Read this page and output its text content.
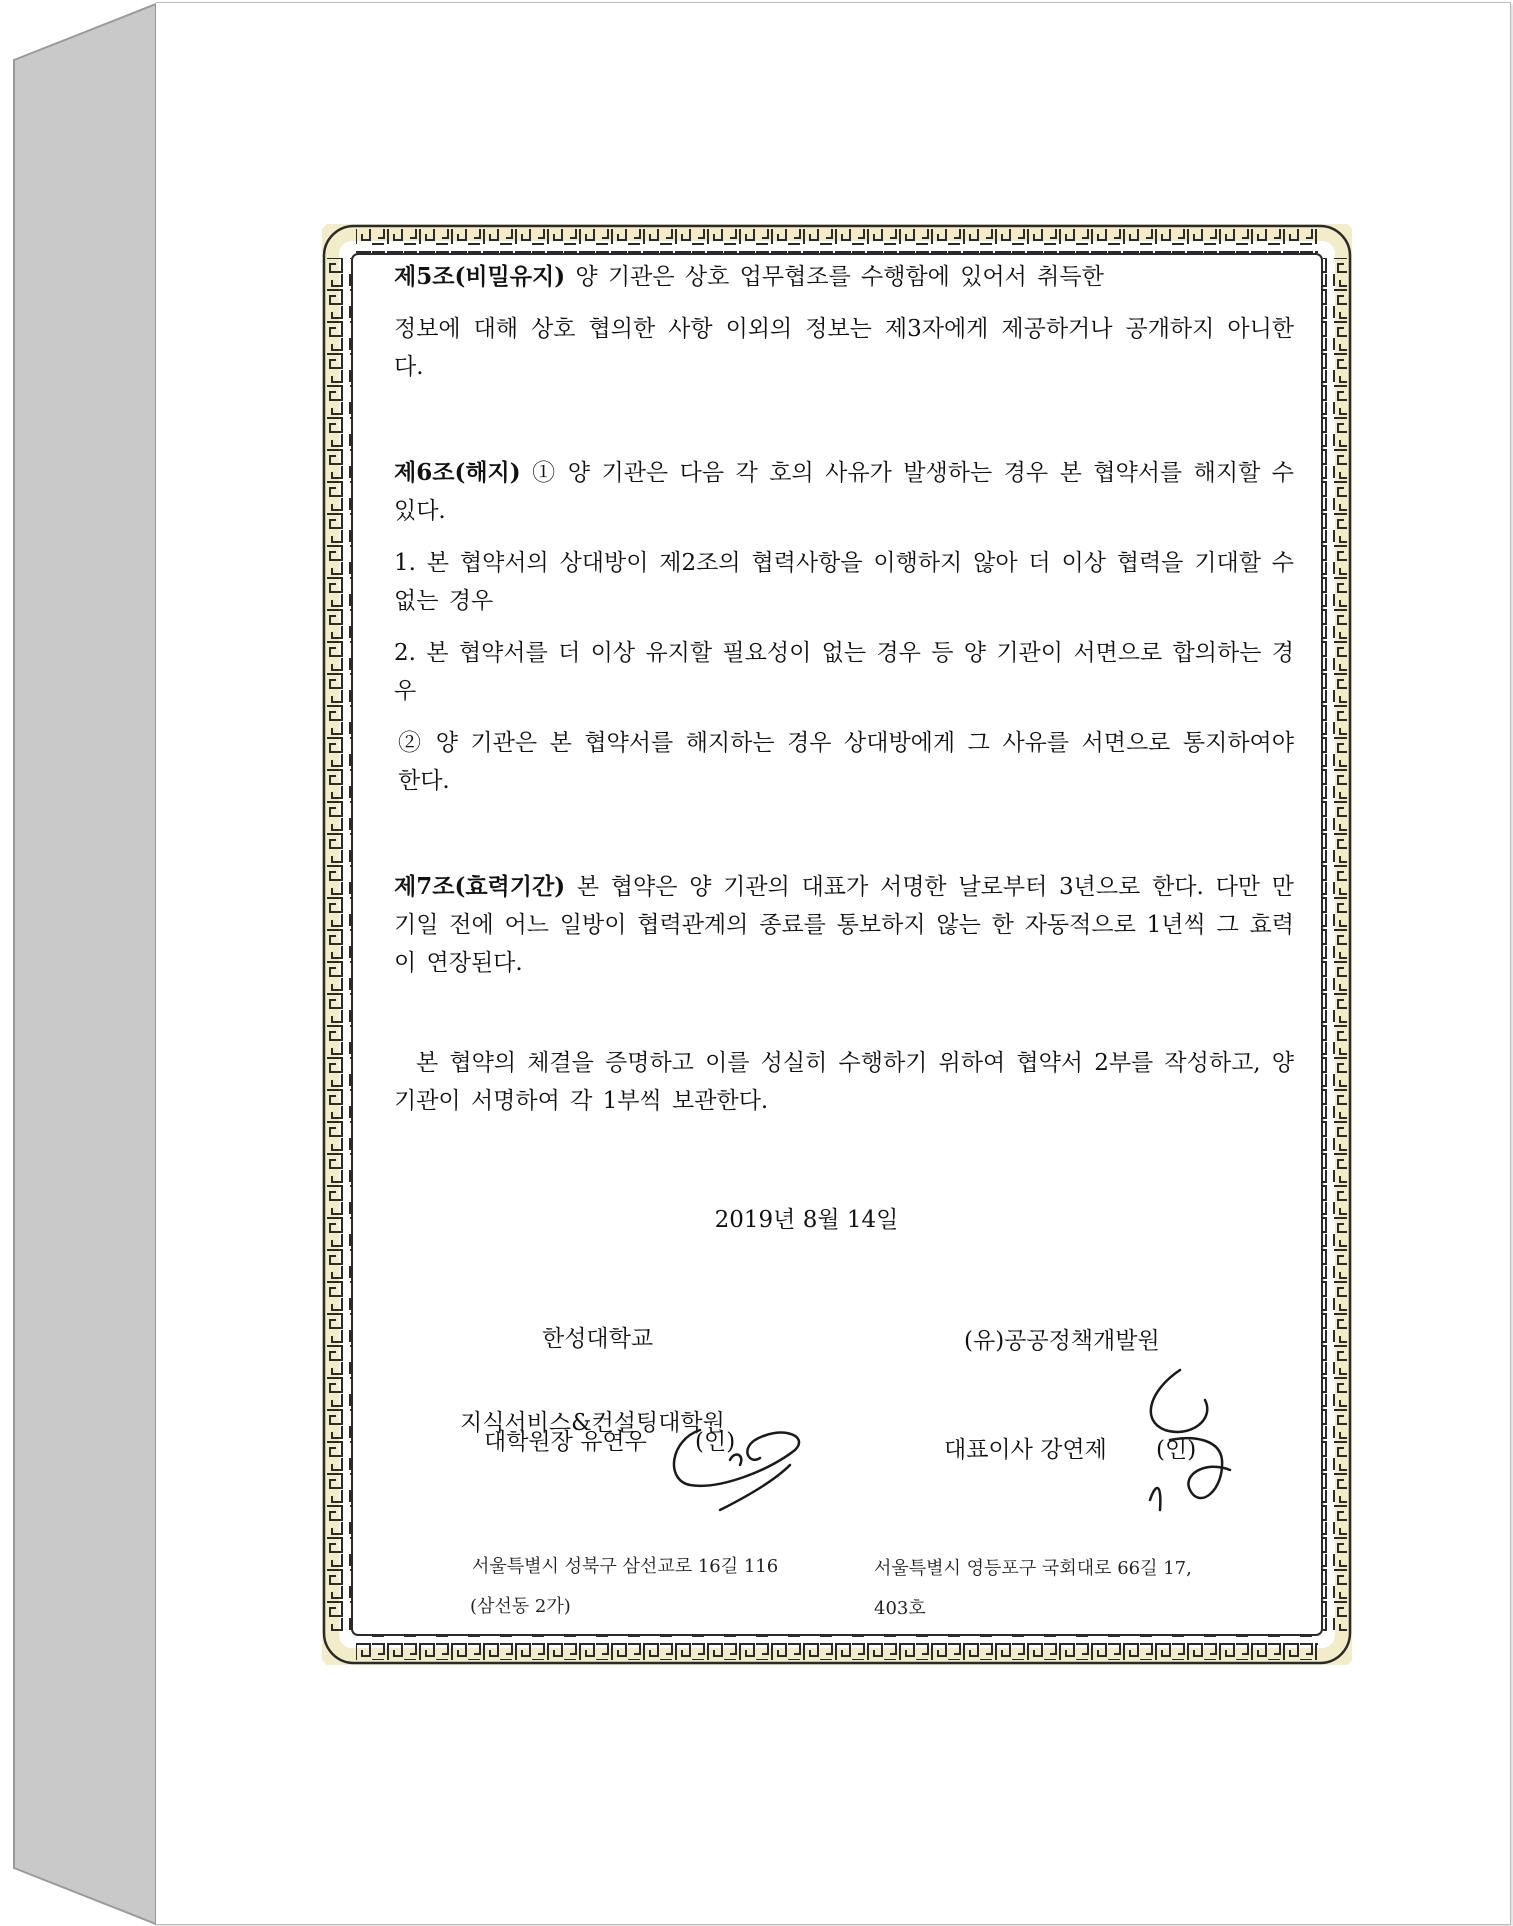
제5조(비밀유지) 양 기관은 상호 업무협조를 수행함에 있어서 취득한
정보에 대해 상호 협의한 사항 이외의 정보는 제3자에게 제공하거나 공개하지 아니한다.
제6조(해지) ① 양 기관은 다음 각 호의 사유가 발생하는 경우 본 협약서를 해지할 수 있다.
1. 본 협약서의 상대방이 제2조의 협력사항을 이행하지 않아 더 이상 협력을 기대할 수 없는 경우
2. 본 협약서를 더 이상 유지할 필요성이 없는 경우 등 양 기관이 서면으로 합의하는 경우
② 양 기관은 본 협약서를 해지하는 경우 상대방에게 그 사유를 서면으로 통지하여야 한다.
제7조(효력기간) 본 협약은 양 기관의 대표가 서명한 날로부터 3년으로 한다. 다만 만기일 전에 어느 일방이 협력관계의 종료를 통보하지 않는 한 자동적으로 1년씩 그 효력이 연장된다.
본 협약의 체결을 증명하고 이를 성실히 수행하기 위하여 협약서 2부를 작성하고, 양 기관이 서명하여 각 1부씩 보관한다.
2019년 8월 14일
한성대학교
지식서비스&컨설팅대학원
대학원장 유연우 (인)
서울특별시 성북구 삼선교로 16길 116
(삼선동 2가)
(유)공공정책개발원
대표이사 강연제 (인)
서울특별시 영등포구 국회대로 66길 17,
403호
